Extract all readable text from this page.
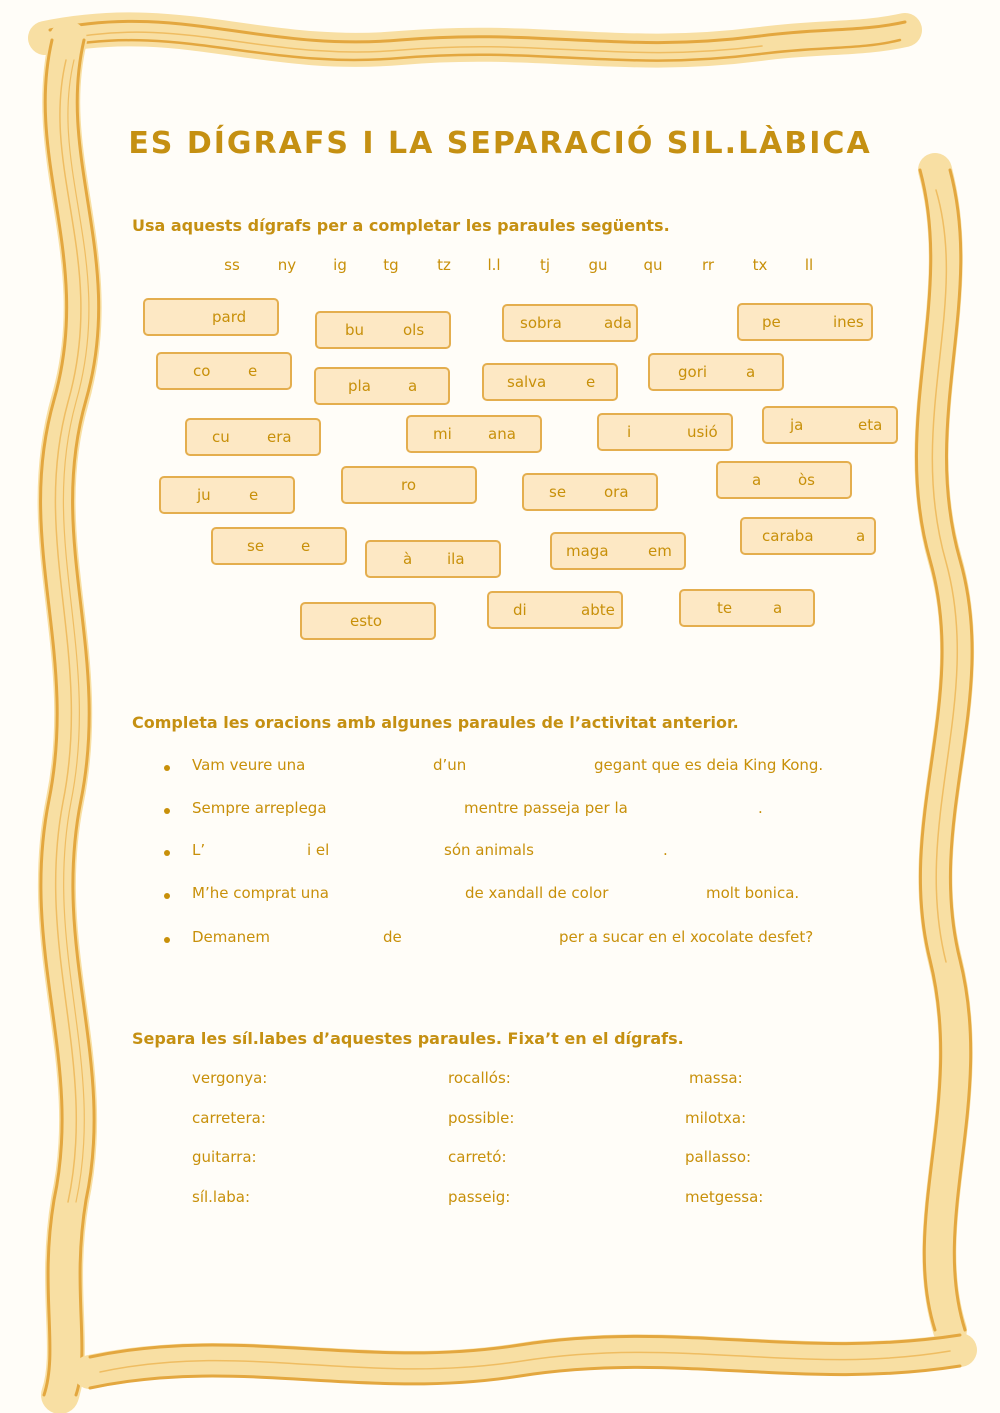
ES DÍGRAFS I LA SEPARACIÓ SIL.LÀBICA
Usa aquests dígrafs per a completar les paraules següents.
ss	ny ig tg	tz l.l	tj	gu qu	rr	tx ll
pard
bu	ols	sobra	ada	pe	ines
co	e
pla a	salva	e
gori	a
cu era	mi ana	i	usió	ja	eta
ju	e
ro	se	ora
a òs
se e
à ila	maga	em
caraba	a
esto
di	abte	te	a
Completa les oracions amb algunes paraules de l’activitat anterior.
Vam veure una	d’un	gegant que es deia King Kong.
Sempre arreplega	mentre passeja per la	.
L’	i el	són animals	.
M’he comprat una	de xandall de color	molt bonica.
Demanem	de	per a sucar en el xocolate desfet?
Separa les síl.labes d’aquestes paraules. Fixa’t en el dígrafs.
vergonya:	rocallós:	massa:
carretera:	possible:	milotxa:
guitarra:	carretó:	pallasso:
síl.laba:	passeig:	metgessa:
